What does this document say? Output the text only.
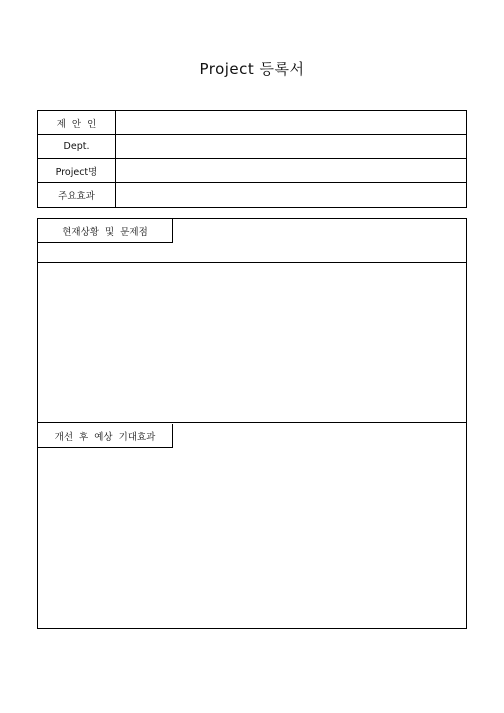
Project 등록서
제  안  인
Dept.
Project명
주요효과
현재상황  및  문제점
개선  후  예상  기대효과
